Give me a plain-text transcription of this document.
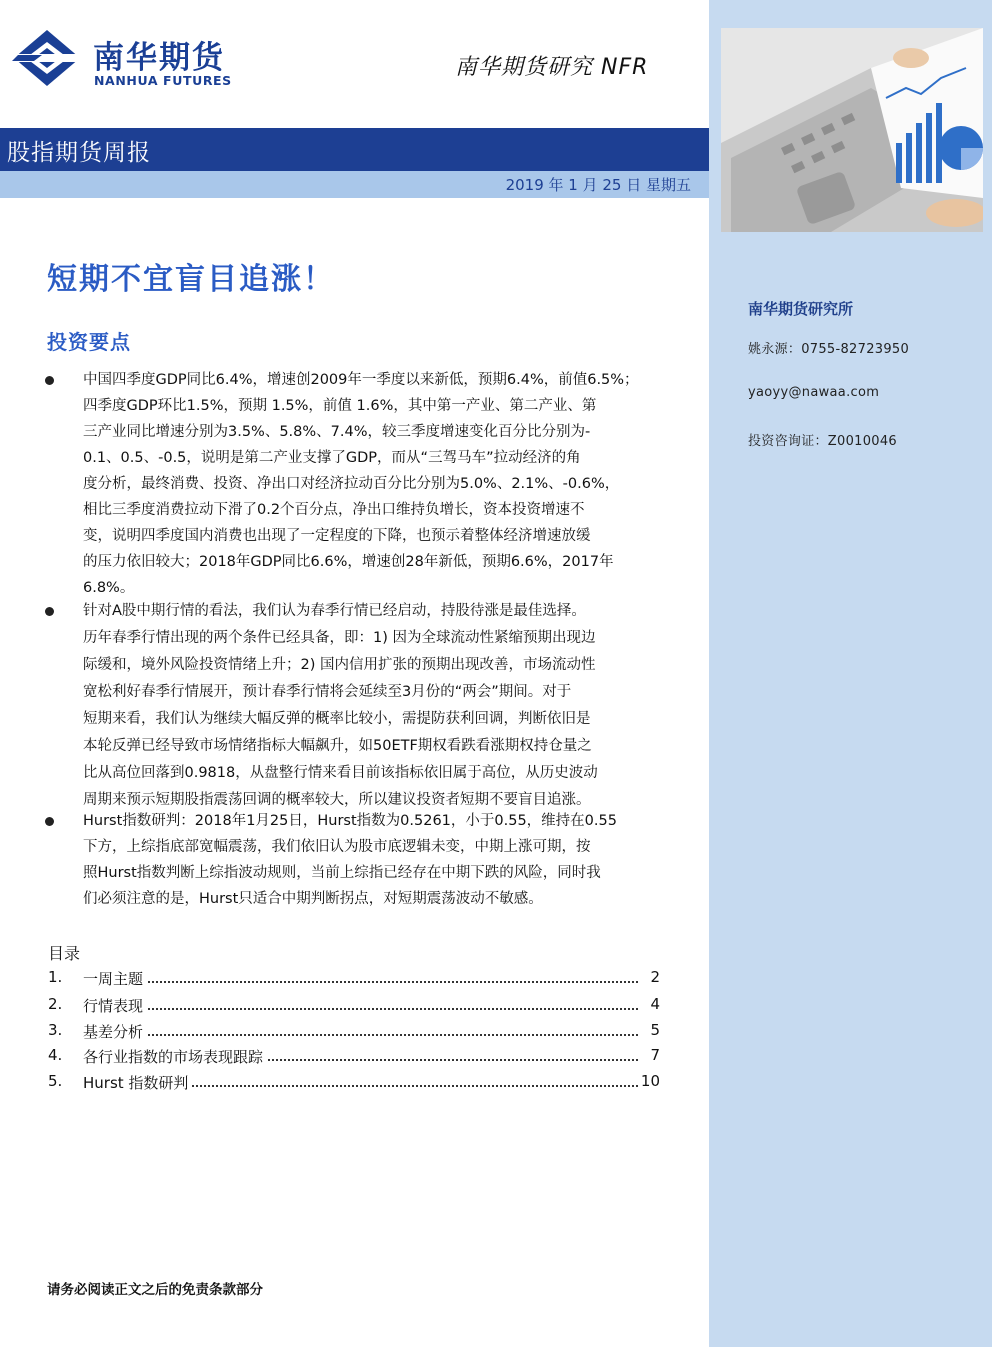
南华期货研究所
姚永源：0755-82723950
yaoyy@nawaa.com
投资咨询证：Z0010046
南华期货
NANHUA FUTURES
南华期货研究 NFR
股指期货周报
2019 年 1 月 25 日 星期五
短期不宜盲目追涨！
投资要点
中国四季度GDP同比6.4%，增速创2009年一季度以来新低，预期6.4%，前值6.5%；
四季度GDP环比1.5%，预期 1.5%，前值 1.6%，其中第一产业、第二产业、第
三产业同比增速分别为3.5%、5.8%、7.4%，较三季度增速变化百分比分别为-
0.1、0.5、-0.5，说明是第二产业支撑了GDP，而从“三驾马车”拉动经济的角
度分析，最终消费、投资、净出口对经济拉动百分比分别为5.0%、2.1%、-0.6%，
相比三季度消费拉动下滑了0.2个百分点，净出口维持负增长，资本投资增速不
变，说明四季度国内消费也出现了一定程度的下降，也预示着整体经济增速放缓
的压力依旧较大；2018年GDP同比6.6%，增速创28年新低，预期6.6%，2017年
6.8%。
针对A股中期行情的看法，我们认为春季行情已经启动，持股待涨是最佳选择。
历年春季行情出现的两个条件已经具备，即：1) 因为全球流动性紧缩预期出现边
际缓和，境外风险投资情绪上升；2) 国内信用扩张的预期出现改善，市场流动性
宽松利好春季行情展开，预计春季行情将会延续至3月份的“两会”期间。对于
短期来看，我们认为继续大幅反弹的概率比较小，需提防获利回调，判断依旧是
本轮反弹已经导致市场情绪指标大幅飙升，如50ETF期权看跌看涨期权持仓量之
比从高位回落到0.9818，从盘整行情来看目前该指标依旧属于高位，从历史波动
周期来预示短期股指震荡回调的概率较大，所以建议投资者短期不要盲目追涨。
Hurst指数研判：2018年1月25日，Hurst指数为0.5261，小于0.55，维持在0.55
下方，上综指底部宽幅震荡，我们依旧认为股市底逻辑未变，中期上涨可期，按
照Hurst指数判断上综指波动规则，当前上综指已经存在中期下跌的风险，同时我
们必须注意的是，Hurst只适合中期判断拐点，对短期震荡波动不敏感。
目录
1.	一周主题	2
2.	行情表现	4
3.	基差分析	5
4.	各行业指数的市场表现跟踪	7
5.	Hurst 指数研判	10
请务必阅读正文之后的免责条款部分
